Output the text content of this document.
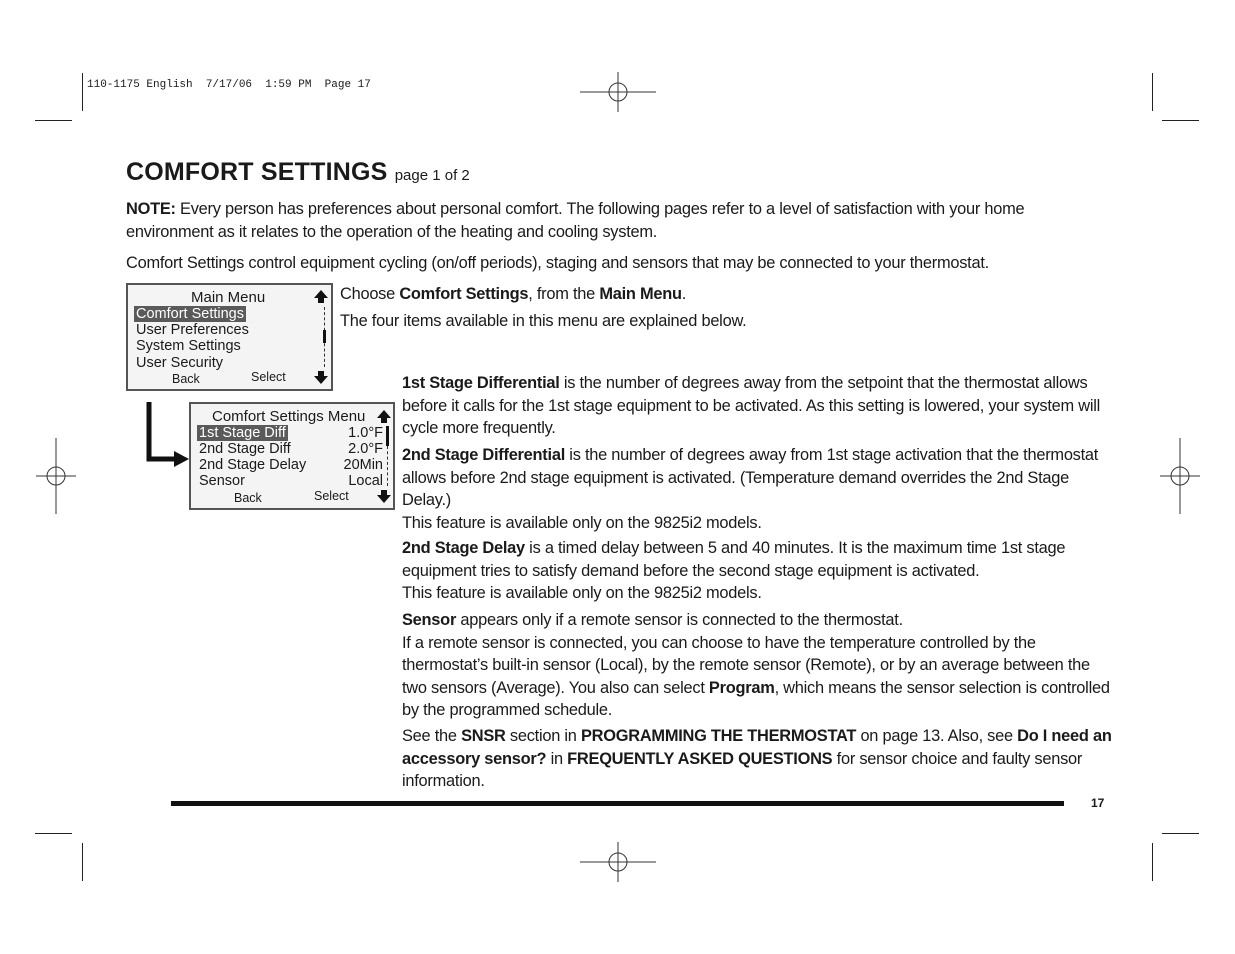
110-1175 English  7/17/06  1:59 PM  Page 17
COMFORT SETTINGS page 1 of 2
NOTE: Every person has preferences about personal comfort. The following pages refer to a level of satisfaction with your home environment as it relates to the operation of the heating and cooling system.
Comfort Settings control equipment cycling (on/off periods), staging and sensors that may be connected to your thermostat.
Main Menu
Comfort Settings
User Preferences
System Settings
User Security
Back	Select
Comfort Settings Menu
1st Stage Diff
2nd Stage Diff
2nd Stage Delay
Sensor
1.0°F
2.0°F
20Min
Local
Back	Select
Choose Comfort Settings, from the Main Menu.
The four items available in this menu are explained below.
1st Stage Differential is the number of degrees away from the setpoint that the thermostat allows before it calls for the 1st stage equipment to be activated. As this setting is lowered, your system will cycle more frequently.
2nd Stage Differential is the number of degrees away from 1st stage activation that the thermostat allows before 2nd stage equipment is activated. (Temperature demand overrides the 2nd Stage Delay.)
This feature is available only on the 9825i2 models.
2nd Stage Delay is a timed delay between 5 and 40 minutes. It is the maximum time 1st stage equipment tries to satisfy demand before the second stage equipment is activated.
This feature is available only on the 9825i2 models.
Sensor appears only if a remote sensor is connected to the thermostat.
If a remote sensor is connected, you can choose to have the temperature controlled by the thermostat’s built-in sensor (Local), by the remote sensor (Remote), or by an average between the two sensors (Average). You also can select Program, which means the sensor selection is controlled by the programmed schedule.
See the SNSR section in PROGRAMMING THE THERMOSTAT on page 13. Also, see Do I need an accessory sensor? in FREQUENTLY ASKED QUESTIONS for sensor choice and faulty sensor information.
17
